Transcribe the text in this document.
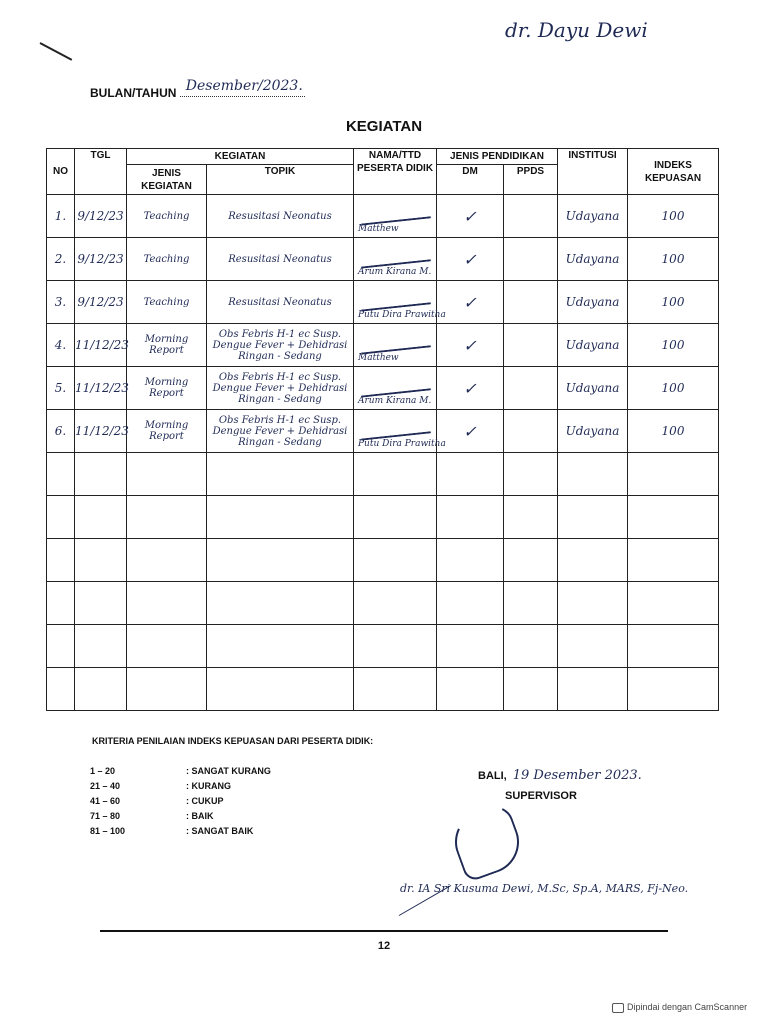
dr. Dayu Dewi
BULAN/TAHUN Desember/2023.
KEGIATAN
NO	TGL	KEGIATAN		NAMA/TTD PESERTA DIDIK	JENIS PENDIDIKAN		INSTITUSI	INDEKS KEPUASAN
		JENIS KEGIATAN	TOPIK		DM	PPDS		
1.	9/12/23	Teaching	Resusitasi Neonatus	Matthew	✓		Udayana	100
2.	9/12/23	Teaching	Resusitasi Neonatus	Arum Kirana M.	✓		Udayana	100
3.	9/12/23	Teaching	Resusitasi Neonatus	Putu Dira Prawitha	✓		Udayana	100
4.	11/12/23	Morning Report	Obs Febris H-1 ec Susp. Dengue Fever + Dehidrasi Ringan - Sedang	Matthew	✓		Udayana	100
5.	11/12/23	Morning Report	Obs Febris H-1 ec Susp. Dengue Fever + Dehidrasi Ringan - Sedang	Arum Kirana M.	✓		Udayana	100
6.	11/12/23	Morning Report	Obs Febris H-1 ec Susp. Dengue Fever + Dehidrasi Ringan - Sedang	Putu Dira Prawitha	✓		Udayana	100

KRITERIA PENILAIAN INDEKS KEPUASAN DARI PESERTA DIDIK:
1 – 20	: SANGAT KURANG
21 – 40	: KURANG
41 – 60	: CUKUP
71 – 80	: BAIK
81 – 100	: SANGAT BAIK
BALI, 19 Desember 2023.
SUPERVISOR
dr. IA Sri Kusuma Dewi, M.Sc, Sp.A, MARS, Fj-Neo.
12
Dipindai dengan CamScanner
